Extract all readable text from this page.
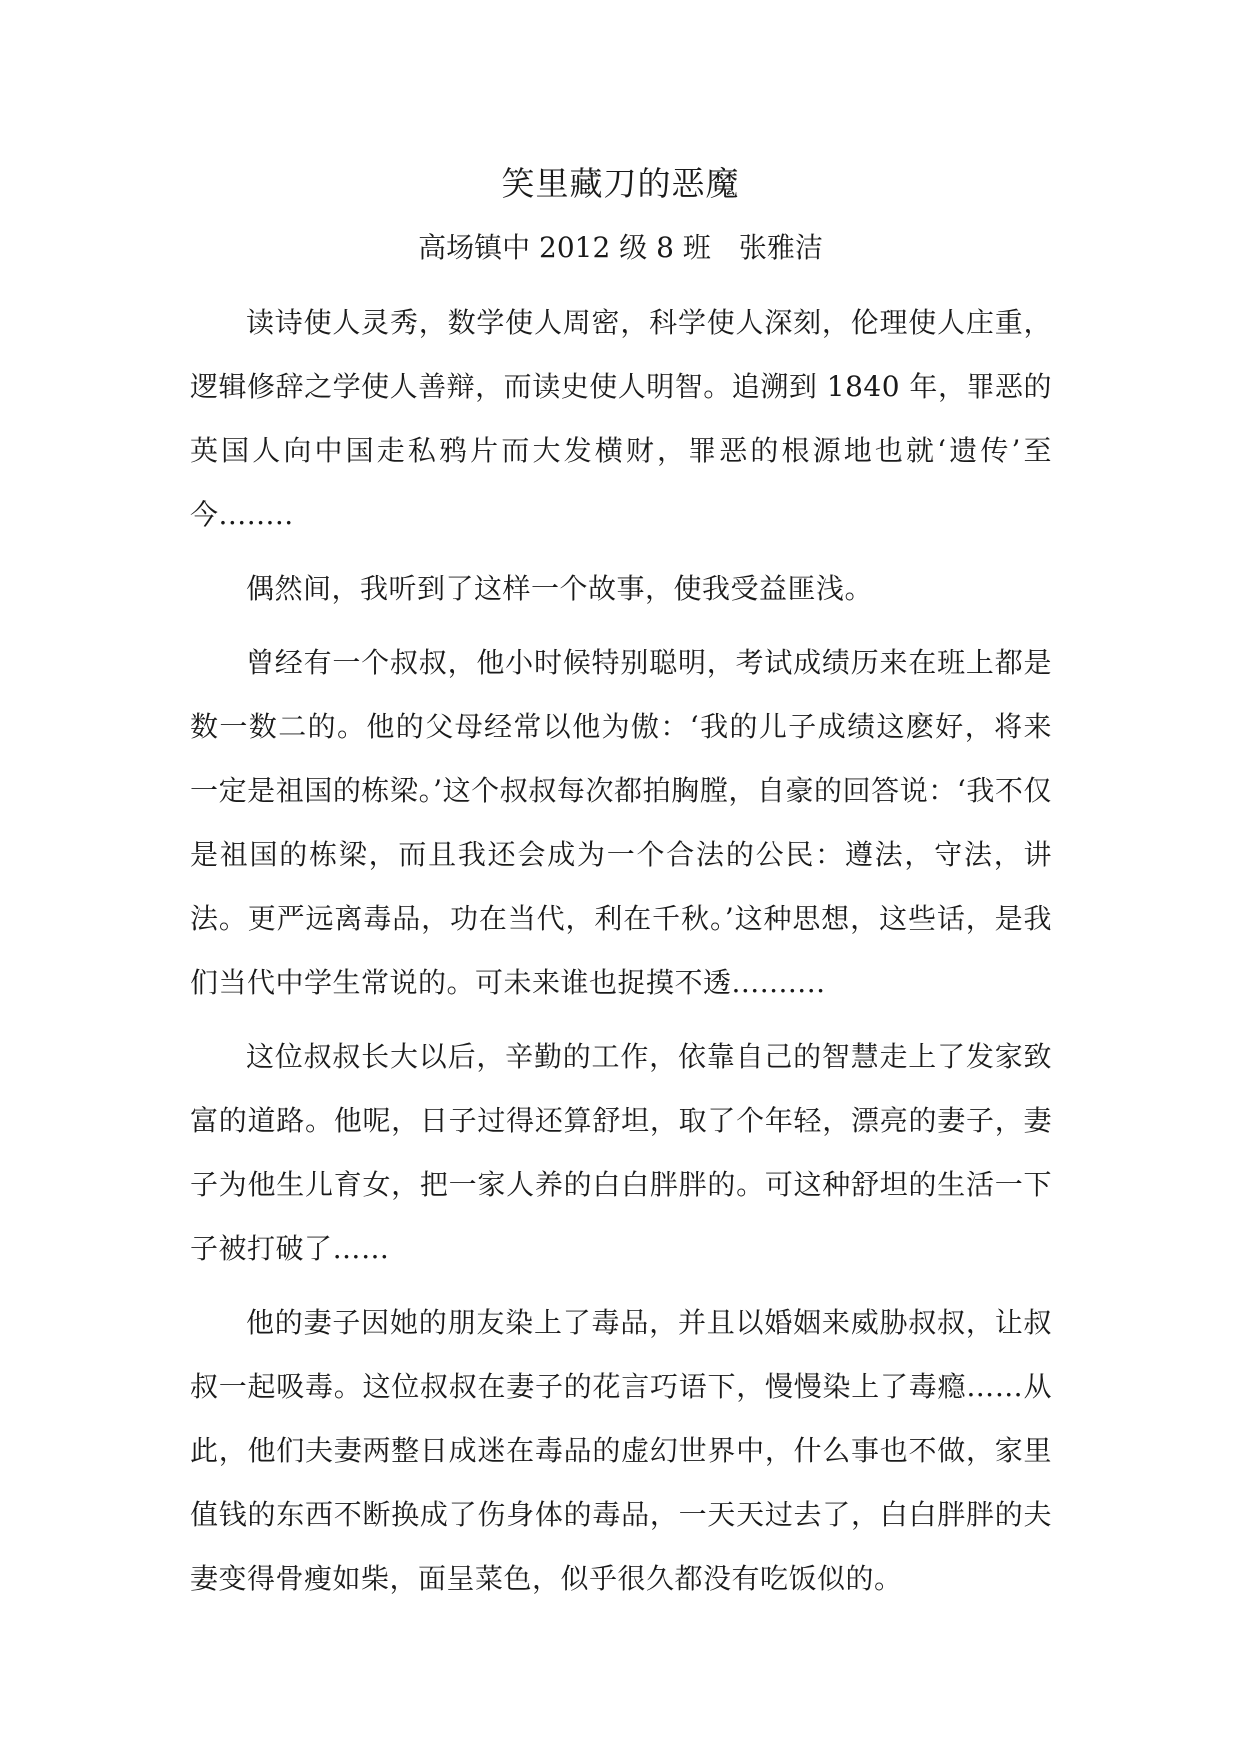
笑里藏刀的恶魔
高场镇中 2012 级 8 班　张雅洁

读诗使人灵秀，数学使人周密，科学使人深刻，伦理使人庄重，逻辑修辞之学使人善辩，而读史使人明智。追溯到 1840 年，罪恶的英国人向中国走私鸦片而大发横财，罪恶的根源地也就‘遗传’至今........

偶然间，我听到了这样一个故事，使我受益匪浅。

曾经有一个叔叔，他小时候特别聪明，考试成绩历来在班上都是数一数二的。他的父母经常以他为傲：‘我的儿子成绩这麽好，将来一定是祖国的栋梁。’这个叔叔每次都拍胸膛，自豪的回答说：‘我不仅是祖国的栋梁，而且我还会成为一个合法的公民：遵法，守法，讲法。更严远离毒品，功在当代，利在千秋。’这种思想，这些话，是我们当代中学生常说的。可未来谁也捉摸不透..........

这位叔叔长大以后，辛勤的工作，依靠自己的智慧走上了发家致富的道路。他呢，日子过得还算舒坦，取了个年轻，漂亮的妻子，妻子为他生儿育女，把一家人养的白白胖胖的。可这种舒坦的生活一下子被打破了……

他的妻子因她的朋友染上了毒品，并且以婚姻来威胁叔叔，让叔叔一起吸毒。这位叔叔在妻子的花言巧语下，慢慢染上了毒瘾……从此，他们夫妻两整日成迷在毒品的虚幻世界中，什么事也不做，家里值钱的东西不断换成了伤身体的毒品，一天天过去了，白白胖胖的夫妻变得骨瘦如柴，面呈菜色，似乎很久都没有吃饭似的。
